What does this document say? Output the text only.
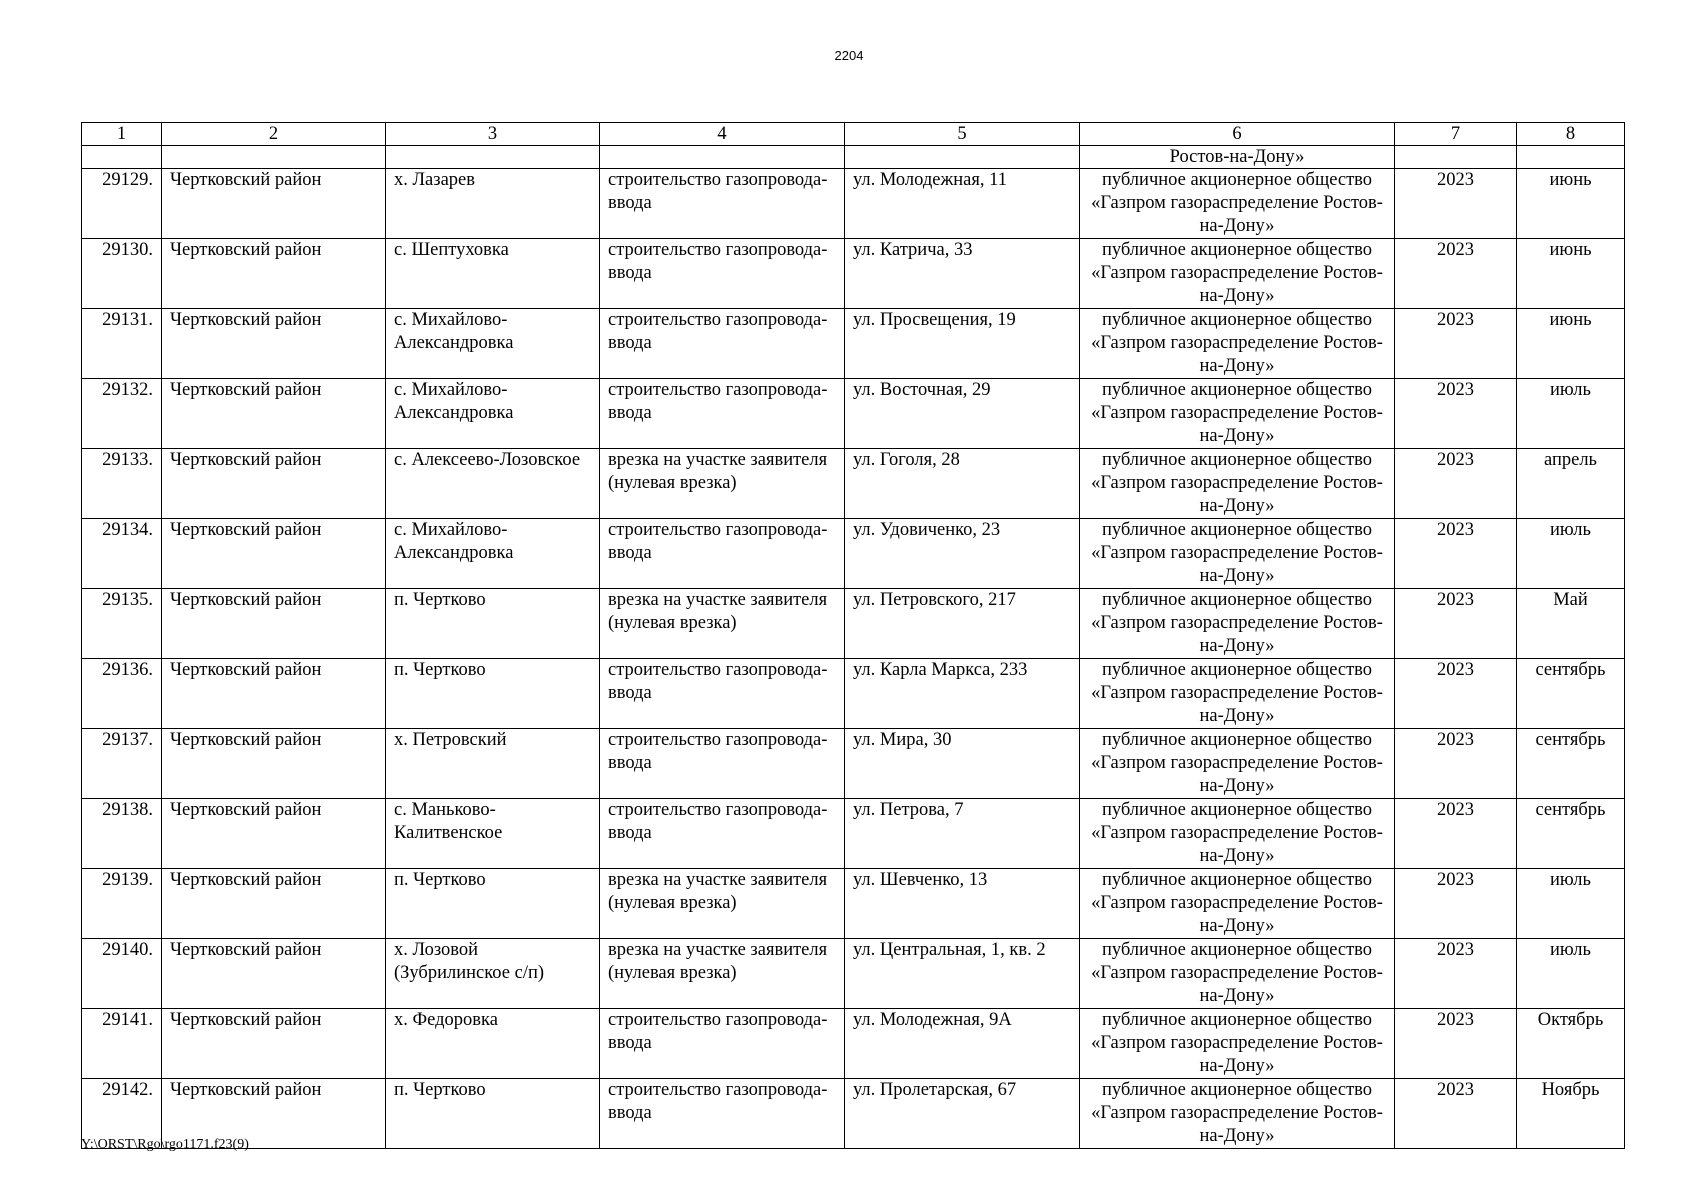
2204
1	2	3	4	5	6	7	8
					Ростов-на-Дону»		
29129.	Чертковский район	х. Лазарев	строительство газопровода-ввода	ул. Молодежная, 11	публичное акционерное общество «Газпром газораспределение Ростов-на-Дону»	2023	июнь
29130.	Чертковский район	с. Шептуховка	строительство газопровода-ввода	ул. Катрича, 33	публичное акционерное общество «Газпром газораспределение Ростов-на-Дону»	2023	июнь
29131.	Чертковский район	с. Михайлово-Александровка	строительство газопровода-ввода	ул. Просвещения, 19	публичное акционерное общество «Газпром газораспределение Ростов-на-Дону»	2023	июнь
29132.	Чертковский район	с. Михайлово-Александровка	строительство газопровода-ввода	ул. Восточная, 29	публичное акционерное общество «Газпром газораспределение Ростов-на-Дону»	2023	июль
29133.	Чертковский район	с. Алексеево-Лозовское	врезка на участке заявителя (нулевая врезка)	ул. Гоголя, 28	публичное акционерное общество «Газпром газораспределение Ростов-на-Дону»	2023	апрель
29134.	Чертковский район	с. Михайлово-Александровка	строительство газопровода-ввода	ул. Удовиченко, 23	публичное акционерное общество «Газпром газораспределение Ростов-на-Дону»	2023	июль
29135.	Чертковский район	п. Чертково	врезка на участке заявителя (нулевая врезка)	ул. Петровского, 217	публичное акционерное общество «Газпром газораспределение Ростов-на-Дону»	2023	Май
29136.	Чертковский район	п. Чертково	строительство газопровода-ввода	ул. Карла Маркса, 233	публичное акционерное общество «Газпром газораспределение Ростов-на-Дону»	2023	сентябрь
29137.	Чертковский район	х. Петровский	строительство газопровода-ввода	ул. Мира, 30	публичное акционерное общество «Газпром газораспределение Ростов-на-Дону»	2023	сентябрь
29138.	Чертковский район	с. Маньково-Калитвенское	строительство газопровода-ввода	ул. Петрова, 7	публичное акционерное общество «Газпром газораспределение Ростов-на-Дону»	2023	сентябрь
29139.	Чертковский район	п. Чертково	врезка на участке заявителя (нулевая врезка)	ул. Шевченко, 13	публичное акционерное общество «Газпром газораспределение Ростов-на-Дону»	2023	июль
29140.	Чертковский район	х. Лозовой (Зубрилинское с/п)	врезка на участке заявителя (нулевая врезка)	ул. Центральная, 1, кв. 2	публичное акционерное общество «Газпром газораспределение Ростов-на-Дону»	2023	июль
29141.	Чертковский район	х. Федоровка	строительство газопровода-ввода	ул. Молодежная, 9А	публичное акционерное общество «Газпром газораспределение Ростов-на-Дону»	2023	Октябрь
29142.	Чертковский район	п. Чертково	строительство газопровода-ввода	ул. Пролетарская, 67	публичное акционерное общество «Газпром газораспределение Ростов-на-Дону»	2023	Ноябрь
Y:\ORST\Rgo\rgo1171.f23(9)
